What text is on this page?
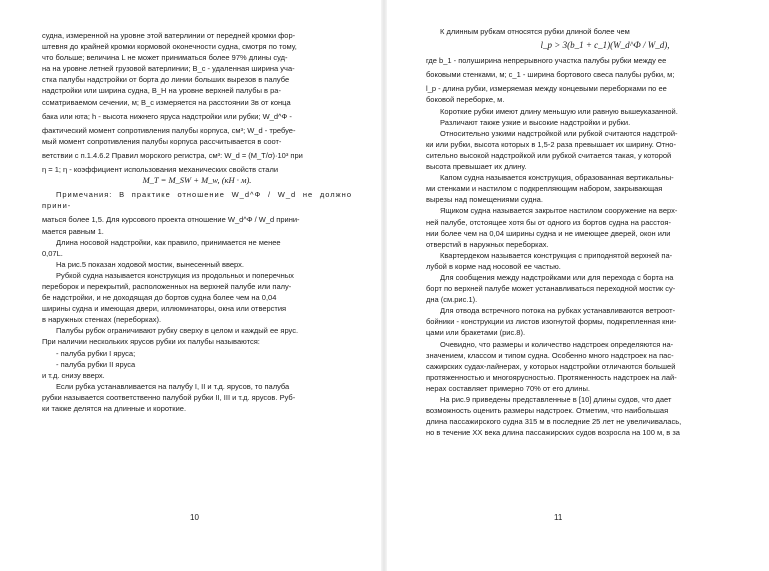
судна, измеренной на уровне этой ватерлинии от передней кромки фор-

штевня до крайней кромки кормовой оконечности судна, смотря по тому,

что больше; величина L не может приниматься более 97% длины суд-

на на уровне летней грузовой ватерлинии; B_c - удаленная ширина уча-

стка палубы надстройки от борта до линии больших вырезов в палубе

надстройки или ширина судна, B_H на уровне верхней палубы в ра-

ссматриваемом сечении, м; B_c измеряется на расстоянии 3в от конца

бака или юта; h - высота нижнего яруса надстройки или рубки; W_d^Ф -

фактический момент сопротивления палубы корпуса, см³; W_d - требуе-

мый момент сопротивления палубы корпуса рассчитывается в соот-

ветствии с п.1.4.6.2 Правил морского регистра, см³: W_d = (M_T/σ)·10³ при

η = 1; η - коэффициент использования механических свойств стали

M_T = M_SW + M_w, (кН · м).

Примечания: В практике отношение W_d^Ф / W_d не должно прини-

маться более 1,5. Для курсового проекта отношение W_d^Ф / W_d прини-

мается равным 1.

Длина носовой надстройки, как правило, принимается не менее

0,07L.

На рис.5 показан ходовой мостик, вынесенный вверх.

Рубкой судна называется конструкция из продольных и поперечных

переборок и перекрытий, расположенных на верхней палубе или палу-

бе надстройки, и не доходящая до бортов судна более чем на 0,04

ширины судна и имеющая двери, иллюминаторы, окна или отверстия

в наружных стенках (переборках).

Палубы рубок ограничивают рубку сверху в целом и каждый ее ярус.

При наличии нескольких ярусов рубки их палубы называются:

- палуба рубки I яруса;

- палуба рубки II яруса

и т.д. снизу вверх.

Если рубка устанавливается на палубу I, II и т.д. ярусов, то палуба

рубки называется соответственно палубой рубки II, III и т.д. ярусов. Руб-

ки также делятся на длинные и короткие.

10

К длинным рубкам относятся рубки длиной более чем

l_p > 3(b_1 + c_1)(W_d^Ф / W_d),

где b_1 - полуширина непрерывного участка палубы рубки между ее

боковыми стенками, м; c_1 - ширина бортового свеса палубы рубки, м;

l_p - длина рубки, измеряемая между концевыми переборками по ее

боковой переборке, м.

Короткие рубки имеют длину меньшую или равную вышеуказанной.

Различают также узкие и высокие надстройки и рубки.

Относительно узкими надстройкой или рубкой считаются надстрой-

ки или рубки, высота которых в 1,5-2 раза превышает их ширину. Отно-

сительно высокой надстройкой или рубкой считается такая, у которой

высота превышает их длину.

Капом судна называется конструкция, образованная вертикальны-

ми стенками и настилом с подкрепляющим набором, закрывающая

вырезы над помещениями судна.

Ящиком судна называется закрытое настилом сооружение на верх-

ней палубе, отстоящее хотя бы от одного из бортов судна на расстоя-

нии более чем на 0,04 ширины судна и не имеющее дверей, окон или

отверстий в наружных переборках.

Квартердеком называется конструкция с приподнятой верхней па-

лубой в корме над носовой ее частью.

Для сообщения между надстройками или для перехода с борта на

борт по верхней палубе может устанавливаться переходной мостик су-

дна (см.рис.1).

Для отвода встречного потока на рубках устанавливаются ветроот-

бойники - конструкции из листов изогнутой формы, подкрепленная кни-

цами или бракетами (рис.8).

Очевидно, что размеры и количество надстроек определяются на-

значением, классом и типом судна. Особенно много надстроек на пас-

сажирских судах-лайнерах, у которых надстройки отличаются большей

протяженностью и многоярусностью. Протяженность надстроек на лай-

нерах составляет примерно 70% от его длины.

На рис.9 приведены представленные в [10] длины судов, что дает

возможность оценить размеры надстроек. Отметим, что наибольшая

длина пассажирского судна 315 м в последние 25 лет не увеличивалась,

но в течение XX века длина пассажирских судов возросла на 100 м, в за

11
